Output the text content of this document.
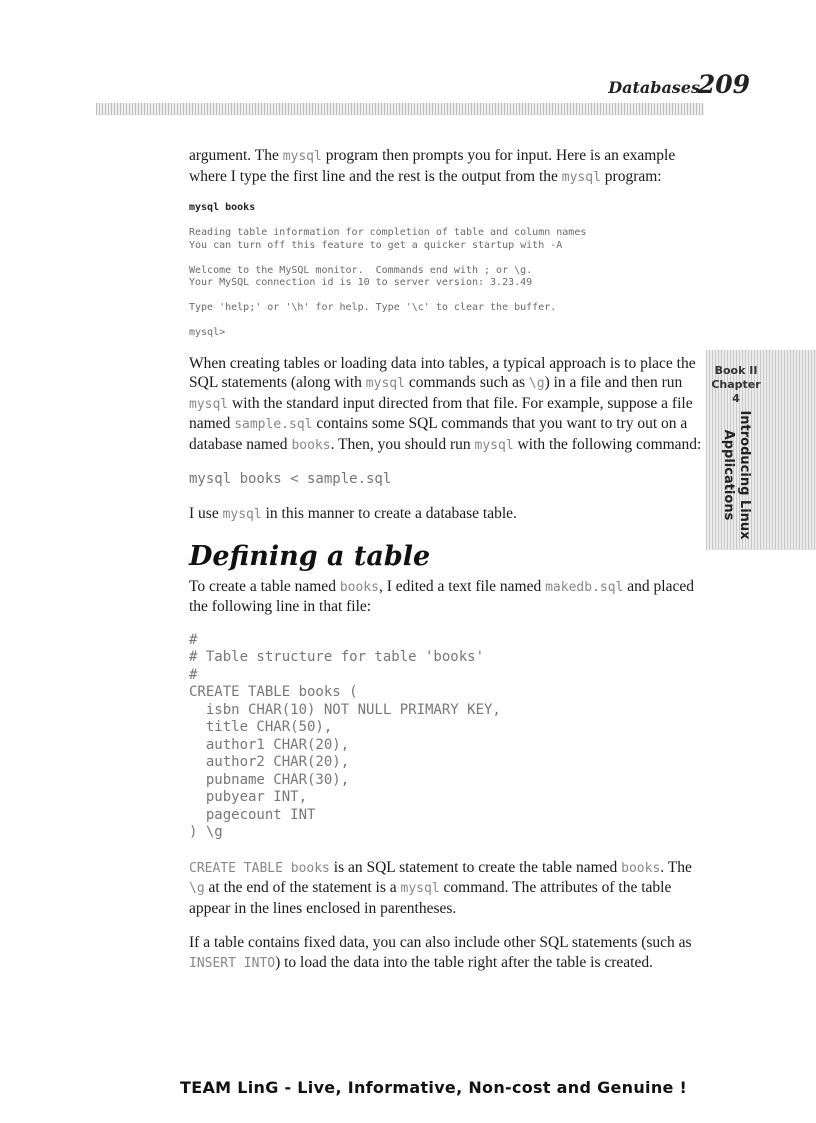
Databases
209
Book II
Chapter 4
Introducing Linux
Applications

argument. The mysql program then prompts you for input. Here is an example where I type the first line and the rest is the output from the mysql program:

mysql books

Reading table information for completion of table and column names
You can turn off this feature to get a quicker startup with -A

Welcome to the MySQL monitor.  Commands end with ; or \g.
Your MySQL connection id is 10 to server version: 3.23.49

Type 'help;' or '\h' for help. Type '\c' to clear the buffer.

mysql>

When creating tables or loading data into tables, a typical approach is to place the SQL statements (along with mysql commands such as \g) in a file and then run mysql with the standard input directed from that file. For example, suppose a file named sample.sql contains some SQL commands that you want to try out on a database named books. Then, you should run mysql with the following command:

mysql books < sample.sql

I use mysql in this manner to create a database table.

Defining a table

To create a table named books, I edited a text file named makedb.sql and placed the following line in that file:

#
# Table structure for table 'books'
#
CREATE TABLE books (
isbn CHAR(10) NOT NULL PRIMARY KEY,
title CHAR(50),
author1 CHAR(20),
author2 CHAR(20),
pubname CHAR(30),
pubyear INT,
pagecount INT
) \g

CREATE TABLE books is an SQL statement to create the table named books. The \g at the end of the statement is a mysql command. The attributes of the table appear in the lines enclosed in parentheses.

If a table contains fixed data, you can also include other SQL statements (such as INSERT INTO) to load the data into the table right after the table is created.

TEAM LinG - Live, Informative, Non-cost and Genuine !
